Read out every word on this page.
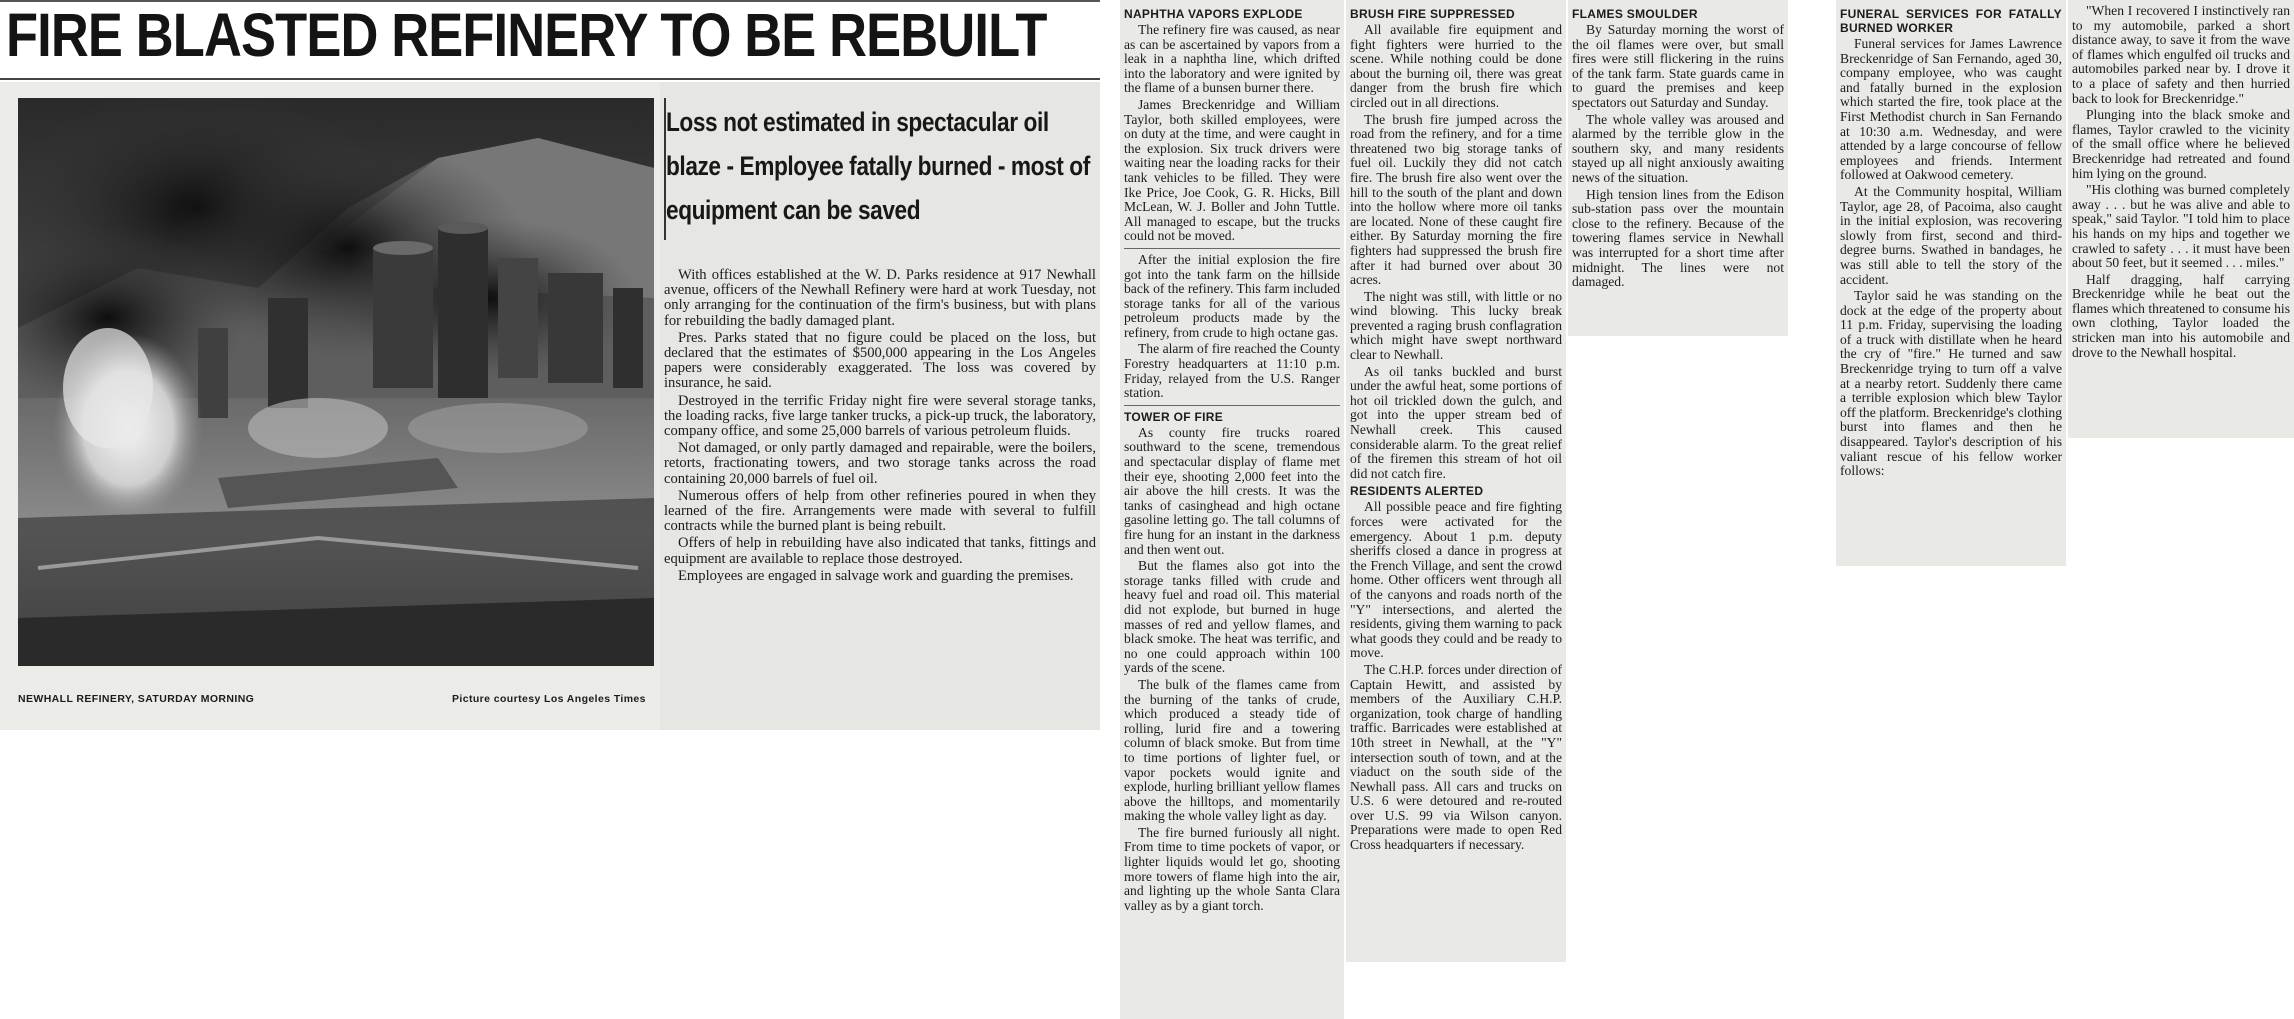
FIRE BLASTED REFINERY TO BE REBUILT
NEWHALL REFINERY, SATURDAY MORNING	Picture courtesy Los Angeles Times
Loss not estimated in spectacular oil blaze - Employee fatally burned - most of equipment can be saved

With offices established at the W. D. Parks residence at 917 Newhall avenue, officers of the Newhall Refinery were hard at work Tuesday, not only arranging for the continuation of the firm's business, but with plans for rebuilding the badly damaged plant.

Pres. Parks stated that no figure could be placed on the loss, but declared that the estimates of $500,000 appearing in the Los Angeles papers were considerably exaggerated. The loss was covered by insurance, he said.

Destroyed in the terrific Friday night fire were several storage tanks, the loading racks, five large tanker trucks, a pick-up truck, the laboratory, company office, and some 25,000 barrels of various petroleum fluids.

Not damaged, or only partly damaged and repairable, were the boilers, retorts, fractionating towers, and two storage tanks across the road containing 20,000 barrels of fuel oil.

Numerous offers of help from other refineries poured in when they learned of the fire. Arrangements were made with several to fulfill contracts while the burned plant is being rebuilt.

Offers of help in rebuilding have also indicated that tanks, fittings and equipment are available to replace those destroyed.

Employees are engaged in salvage work and guarding the premises.

NAPHTHA VAPORS EXPLODE

The refinery fire was caused, as near as can be ascertained by vapors from a leak in a naphtha line, which drifted into the laboratory and were ignited by the flame of a bunsen burner there.

James Breckenridge and William Taylor, both skilled employees, were on duty at the time, and were caught in the explosion. Six truck drivers were waiting near the loading racks for their tank vehicles to be filled. They were Ike Price, Joe Cook, G. R. Hicks, Bill McLean, W. J. Boller and John Tuttle. All managed to escape, but the trucks could not be moved.

After the initial explosion the fire got into the tank farm on the hillside back of the refinery. This farm included storage tanks for all of the various petroleum products made by the refinery, from crude to high octane gas.

The alarm of fire reached the County Forestry headquarters at 11:10 p.m. Friday, relayed from the U.S. Ranger station.

TOWER OF FIRE

As county fire trucks roared southward to the scene, tremendous and spectacular display of flame met their eye, shooting 2,000 feet into the air above the hill crests. It was the tanks of casinghead and high octane gasoline letting go. The tall columns of fire hung for an instant in the darkness and then went out.

But the flames also got into the storage tanks filled with crude and heavy fuel and road oil. This material did not explode, but burned in huge masses of red and yellow flames, and black smoke. The heat was terrific, and no one could approach within 100 yards of the scene.

The bulk of the flames came from the burning of the tanks of crude, which produced a steady tide of rolling, lurid fire and a towering column of black smoke. But from time to time portions of lighter fuel, or vapor pockets would ignite and explode, hurling brilliant yellow flames above the hilltops, and momentarily making the whole valley light as day.

The fire burned furiously all night. From time to time pockets of vapor, or lighter liquids would let go, shooting more towers of flame high into the air, and lighting up the whole Santa Clara valley as by a giant torch.

BRUSH FIRE SUPPRESSED

All available fire equipment and fight fighters were hurried to the scene. While nothing could be done about the burning oil, there was great danger from the brush fire which circled out in all directions.

The brush fire jumped across the road from the refinery, and for a time threatened two big storage tanks of fuel oil. Luckily they did not catch fire. The brush fire also went over the hill to the south of the plant and down into the hollow where more oil tanks are located. None of these caught fire either. By Saturday morning the fire fighters had suppressed the brush fire after it had burned over about 30 acres.

The night was still, with little or no wind blowing. This lucky break prevented a raging brush conflagration which might have swept northward clear to Newhall.

As oil tanks buckled and burst under the awful heat, some portions of hot oil trickled down the gulch, and got into the upper stream bed of Newhall creek. This caused considerable alarm. To the great relief of the firemen this stream of hot oil did not catch fire.

RESIDENTS ALERTED

All possible peace and fire fighting forces were activated for the emergency. About 1 p.m. deputy sheriffs closed a dance in progress at the French Village, and sent the crowd home. Other officers went through all of the canyons and roads north of the "Y" intersections, and alerted the residents, giving them warning to pack what goods they could and be ready to move.

The C.H.P. forces under direction of Captain Hewitt, and assisted by members of the Auxiliary C.H.P. organization, took charge of handling traffic. Barricades were established at 10th street in Newhall, at the "Y" intersection south of town, and at the viaduct on the south side of the Newhall pass. All cars and trucks on U.S. 6 were detoured and re-routed over U.S. 99 via Wilson canyon. Preparations were made to open Red Cross headquarters if necessary.

FLAMES SMOULDER

By Saturday morning the worst of the oil flames were over, but small fires were still flickering in the ruins of the tank farm. State guards came in to guard the premises and keep spectators out Saturday and Sunday.

The whole valley was aroused and alarmed by the terrible glow in the southern sky, and many residents stayed up all night anxiously awaiting news of the situation.

High tension lines from the Edison sub-station pass over the mountain close to the refinery. Because of the towering flames service in Newhall was interrupted for a short time after midnight. The lines were not damaged.

FUNERAL SERVICES FOR FATALLY BURNED WORKER

Funeral services for James Lawrence Breckenridge of San Fernando, aged 30, company employee, who was caught and fatally burned in the explosion which started the fire, took place at the First Methodist church in San Fernando at 10:30 a.m. Wednesday, and were attended by a large concourse of fellow employees and friends. Interment followed at Oakwood cemetery.

At the Community hospital, William Taylor, age 28, of Pacoima, also caught in the initial explosion, was recovering slowly from first, second and third-degree burns. Swathed in bandages, he was still able to tell the story of the accident.

Taylor said he was standing on the dock at the edge of the property about 11 p.m. Friday, supervising the loading of a truck with distillate when he heard the cry of "fire." He turned and saw Breckenridge trying to turn off a valve at a nearby retort. Suddenly there came a terrible explosion which blew Taylor off the platform. Breckenridge's clothing burst into flames and then he disappeared. Taylor's description of his valiant rescue of his fellow worker follows:

"When I recovered I instinctively ran to my automobile, parked a short distance away, to save it from the wave of flames which engulfed oil trucks and automobiles parked near by. I drove it to a place of safety and then hurried back to look for Breckenridge."

Plunging into the black smoke and flames, Taylor crawled to the vicinity of the small office where he believed Breckenridge had retreated and found him lying on the ground.

"His clothing was burned completely away . . . but he was alive and able to speak," said Taylor. "I told him to place his hands on my hips and together we crawled to safety . . . it must have been about 50 feet, but it seemed . . . miles."

Half dragging, half carrying Breckenridge while he beat out the flames which threatened to consume his own clothing, Taylor loaded the stricken man into his automobile and drove to the Newhall hospital.
